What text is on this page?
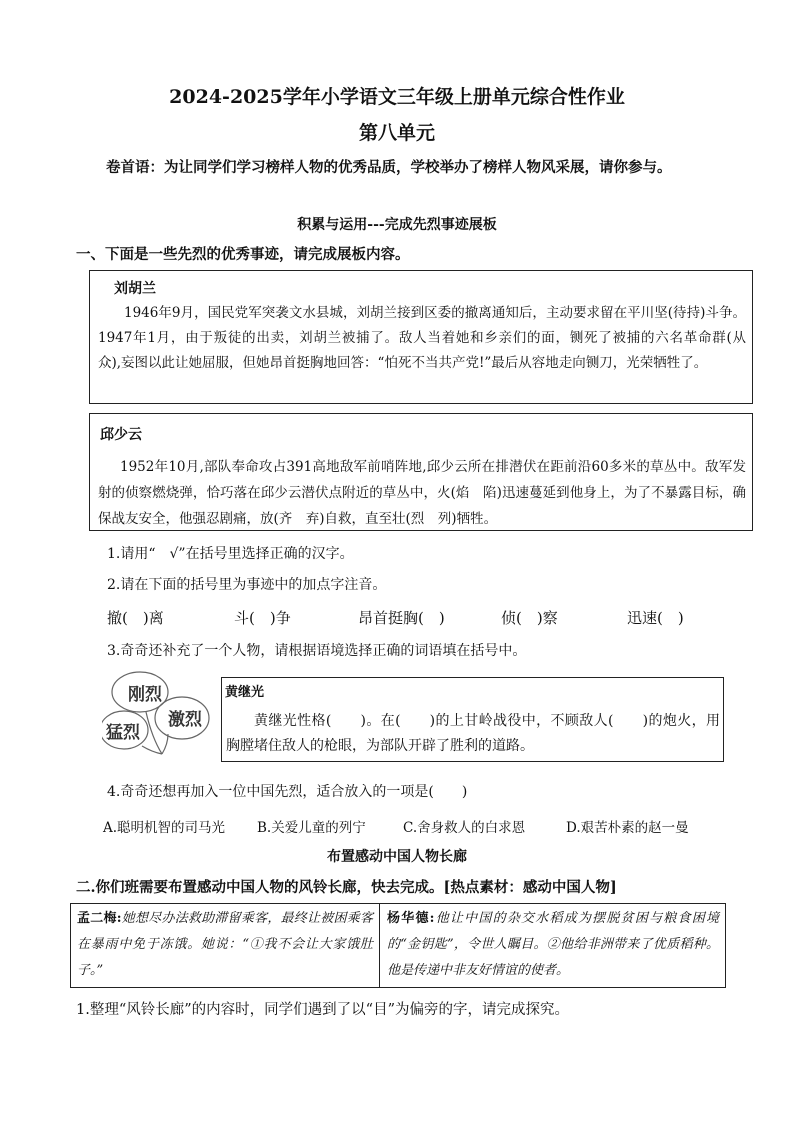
2024-2025学年小学语文三年级上册单元综合性作业
第八单元
卷首语：为让同学们学习榜样人物的优秀品质，学校举办了榜样人物风采展，请你参与。
积累与运用---完成先烈事迹展板
一、下面是一些先烈的优秀事迹，请完成展板内容。
刘胡兰
1946年9月，国民党军突袭文水县城，刘胡兰接到区委的撤离通知后，主动要求留在平川坚(待持)斗争。1947年1月，由于叛徒的出卖，刘胡兰被捕了。敌人当着她和乡亲们的面，铡死了被捕的六名革命群(从　众),妄图以此让她屈服，但她昂首挺胸地回答：“怕死不当共产党!”最后从容地走向铡刀，光荣牺牲了。
邱少云
1952年10月,部队奉命攻占391高地敌军前哨阵地,邱少云所在排潜伏在距前沿60多米的草丛中。敌军发射的侦察燃烧弹，恰巧落在邱少云潜伏点附近的草丛中，火(焰　陷)迅速蔓延到他身上，为了不暴露目标，确保战友安全，他强忍剧痛，放(齐　弃)自救，直至壮(烈　列)牺牲。
1.请用“　√”在括号里选择正确的汉字。
2.请在下面的括号里为事迹中的加点字注音。
撤(　)离	斗(　)争	昂首挺胸(　)	侦(　)察	迅速(　)
3.奇奇还补充了一个人物，请根据语境选择正确的词语填在括号中。
刚烈
猛烈
激烈
黄继光
黄继光性格(　　)。在(　　)的上甘岭战役中，不顾敌人(　　)的炮火，用胸膛堵住敌人的枪眼，为部队开辟了胜利的道路。
4.奇奇还想再加入一位中国先烈，适合放入的一项是(　　)
A.聪明机智的司马光 B.关爱儿童的列宁	C.舍身救人的白求恩	D.艰苦朴素的赵一曼
布置感动中国人物长廊
二.你们班需要布置感动中国人物的风铃长廊，快去完成。[热点素材：感动中国人物]
孟二梅:她想尽办法救助滞留乘客，最终让被困乘客在暴雨中免于冻饿。她说：“①我不会让大家饿肚子。”
杨华德:他让中国的杂交水稻成为摆脱贫困与粮食困境的“金钥匙”，令世人瞩目。②他给非洲带来了优质稻种。他是传递中非友好情谊的使者。
1.整理“风铃长廊”的内容时，同学们遇到了以“目”为偏旁的字，请完成探究。
